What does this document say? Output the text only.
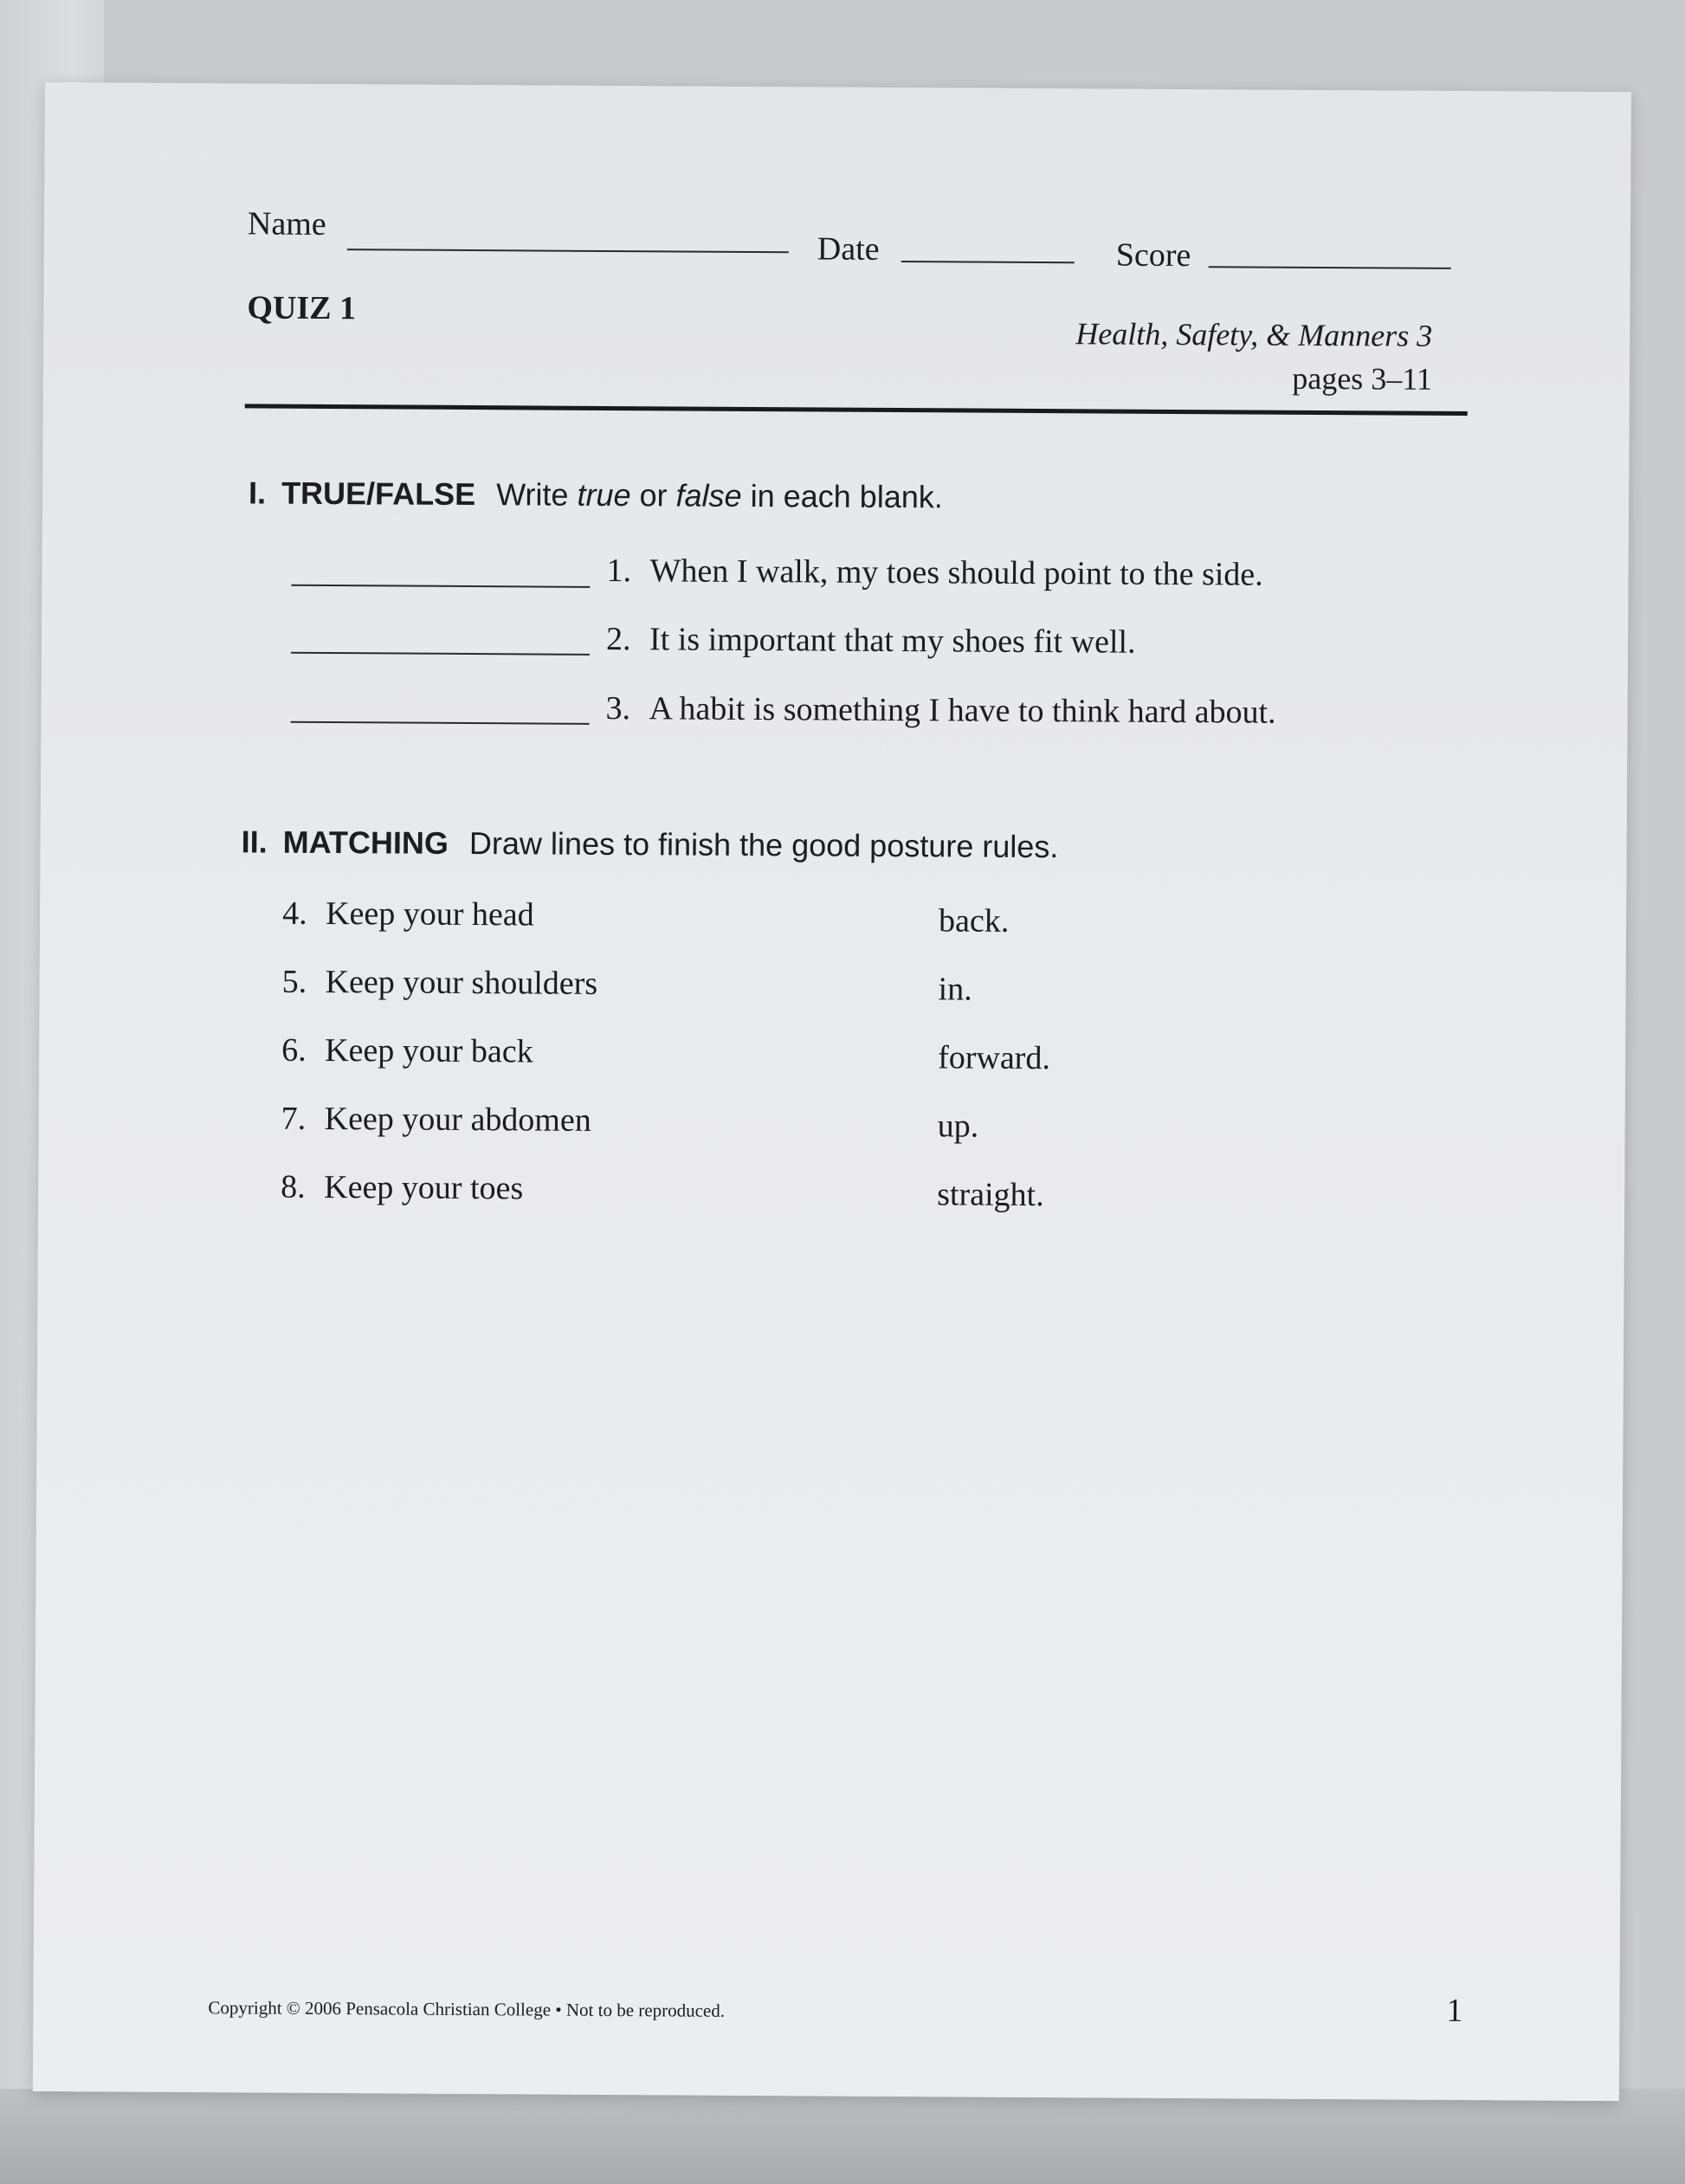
Name
Date	Score
QUIZ 1
Health, Safety, & Manners 3
pages 3–11
I. TRUE/FALSE Write true or false in each blank.
1. When I walk, my toes should point to the side.
2. It is important that my shoes fit well.
3. A habit is something I have to think hard about.
II. MATCHING Draw lines to finish the good posture rules.
4. Keep your head
5. Keep your shoulders
6. Keep your back
7. Keep your abdomen
8. Keep your toes
back.
in.
forward.
up.
straight.
Copyright © 2006 Pensacola Christian College • Not to be reproduced.	1
